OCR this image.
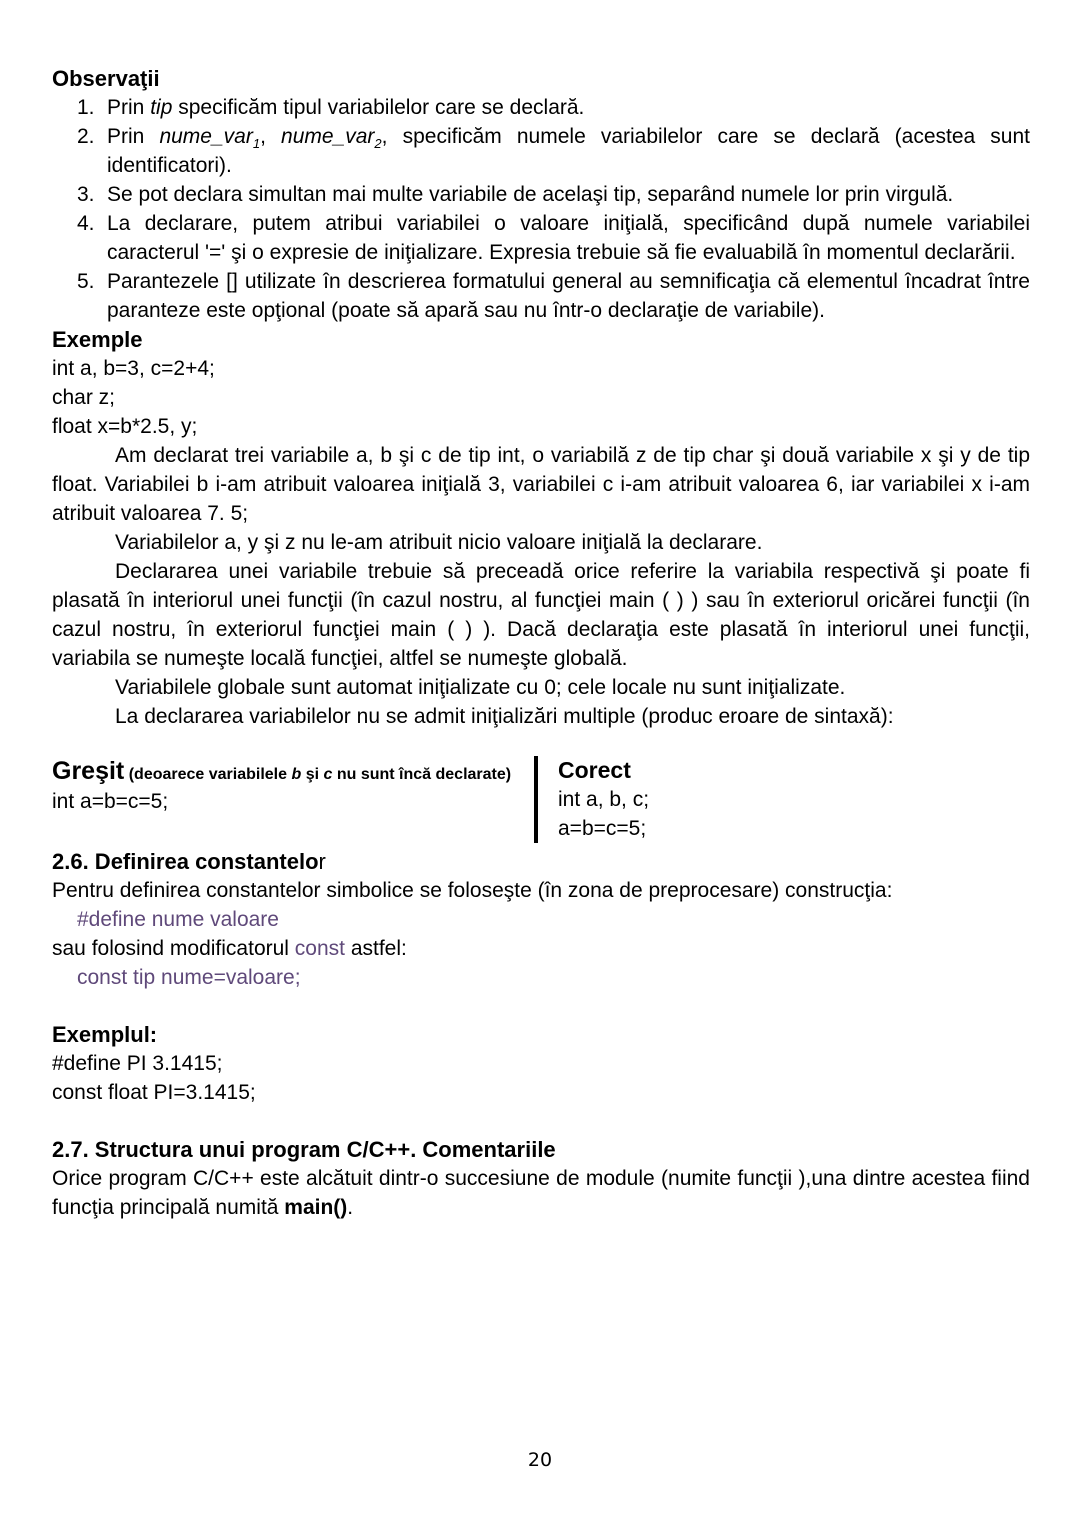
Observaţii
1. Prin tip specificăm tipul variabilelor care se declară.
2. Prin nume_var$_1$, nume_var$_2$, specificăm numele variabilelor care se declară (acestea sunt identificatori).
3. Se pot declara simultan mai multe variabile de acelaşi tip, separând numele lor prin virgulă.
4. La declarare, putem atribui variabilei o valoare iniţială, specificând după numele variabilei caracterul '=' şi o expresie de iniţializare. Expresia trebuie să fie evaluabilă în momentul declarării.
5. Parantezele [] utilizate în descrierea formatului general au semnificaţia că elementul încadrat între paranteze este opţional (poate să apară sau nu într-o declaraţie de variabile).
Exemple
int a, b=3, c=2+4;
char z;
float x=b*2.5, y;

Am declarat trei variabile a, b şi c de tip int, o variabilă z de tip char şi două variabile x şi y de tip float. Variabilei b i-am atribuit valoarea iniţială 3, variabilei c i-am atribuit valoarea 6, iar variabilei x i-am atribuit valoarea 7. 5;

Variabilelor a, y şi z nu le-am atribuit nicio valoare iniţială la declarare.

Declararea unei variabile trebuie să preceadă orice referire la variabila respectivă şi poate fi plasată în interiorul unei funcţii (în cazul nostru, al funcţiei main ( ) ) sau în exteriorul oricărei funcţii (în cazul nostru, în exteriorul funcţiei main ( ) ). Dacă declaraţia este plasată în interiorul unei funcţii, variabila se numeşte locală funcţiei, altfel se numeşte globală.

Variabilele globale sunt automat iniţializate cu 0; cele locale nu sunt iniţializate.

La declararea variabilelor nu se admit iniţializări multiple (produc eroare de sintaxă):

Greşit (deoarece variabilele b şi c nu sunt încă declarate)
int a=b=c=5;
Corect
int a, b, c;
a=b=c=5;
2.6. Definirea constantelor

Pentru definirea constantelor simbolice se foloseşte (în zona de preprocesare) construcţia:

#define nume valoare
sau folosind modificatorul const astfel:
const tip nume=valoare;
Exemplul:
#define PI 3.1415;
const float PI=3.1415;
2.7. Structura unui program C/C++. Comentariile

Orice program C/C++ este alcătuit dintr-o succesiune de module (numite funcţii ),una dintre acestea fiind funcţia principală numită main().

20
